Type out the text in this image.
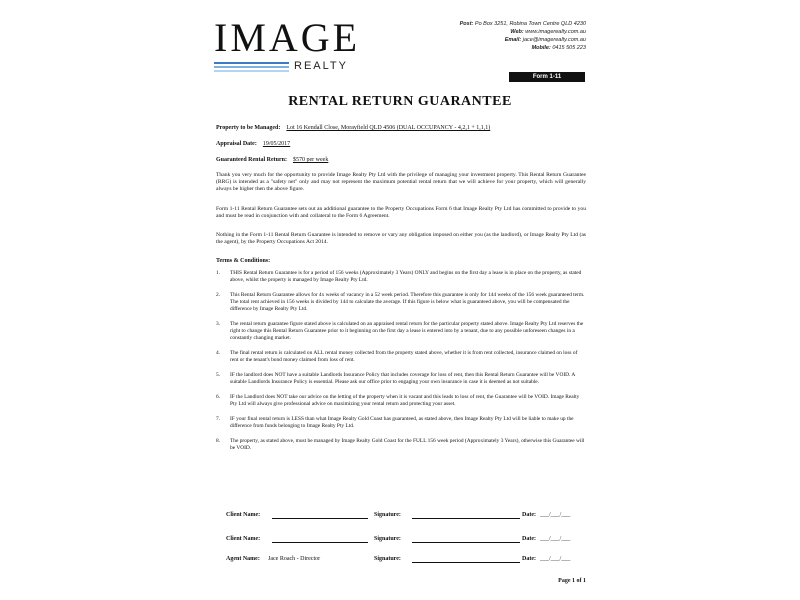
IMAGE
REALTY
Post: Po Box 3251, Robina Town Centre QLD 4230
Web: www.imagerealty.com.au
Email: jace@imagerealty.com.au
Mobile: 0415 505 223
Form 1-11
RENTAL RETURN GUARANTEE
Property to be Managed: Lot 16 Kendall Close, Morayfield QLD 4506 (DUAL OCCUPANCY - 4,2,1 + 1,1,1)
Appraisal Date: 19/05/2017
Guaranteed Rental Return: $570 per week
Thank you very much for the opportunity to provide Image Realty Pty Ltd with the privilege of managing your investment property. This Rental Return Guarantee (RRG) is intended as a "safety net" only and may not represent the maximum potential rental return that we will achieve for your property, which will generally always be higher then the above figure.
Form 1-11 Rental Return Guarantee sets out an additional guarantee to the Property Occupations Form 6 that Image Realty Pty Ltd has committed to provide to you and must be read in conjunction with and collateral to the Form 6 Agreement.
Nothing in the Form 1-11 Rental Return Guarantee is intended to remove or vary any obligation imposed on either you (as the landlord), or Image Realty Pty Ltd (as the agent), by the Property Occupations Act 2014.
Terms & Conditions:
1.	THIS Rental Return Guarantee is for a period of 156 weeks (Approximately 3 Years) ONLY and begins on the first day a lease is in place on the property, as stated above, whilst the property is managed by Image Realty Pty Ltd.
2.	This Rental Return Guarantee allows for 4x weeks of vacancy in a 52 week period. Therefore this guarantee is only for 144 weeks of the 156 week guaranteed term. The total rent achieved in 156 weeks is divided by 144 to calculate the average. If this figure is below what is guaranteed above, you will be compensated the difference by Image Realty Pty Ltd.
3.	The rental return guarantee figure stated above is calculated on an appraised rental return for the particular property stated above. Image Realty Pty Ltd reserves the right to change this Rental Return Guarantee prior to it beginning on the first day a lease is entered into by a tenant, due to any possible unforeseen changes in a constantly changing market.
4.	The final rental return is calculated on ALL rental money collected from the property stated above, whether it is from rent collected, insurance claimed on loss of rent or the tenant's bond money claimed from loss of rent.
5.	IF the landlord does NOT have a suitable Landlords Insurance Policy that includes coverage for loss of rent, then this Rental Return Guarantee will be VOID. A suitable Landlords Insurance Policy is essential. Please ask our office prior to engaging your own insurance in case it is deemed as not suitable.
6.	IF the Landlord does NOT take our advice on the letting of the property when it is vacant and this leads to loss of rent, the Guarantee will be VOID. Image Realty Pty Ltd will always give professional advice on maximizing your rental return and protecting your asset.
7.	IF your final rental return is LESS than what Image Realty Gold Coast has guaranteed, as stated above, then Image Realty Pty Ltd will be liable to make up the difference from funds belonging to Image Realty Pty Ltd.
8.	The property, as stated above, must be managed by Image Realty Gold Coast for the FULL 156 week period (Approximately 3 Years), otherwise this Guarantee will be VOID.
Client Name:	Signature:	Date: ___/___/___
Client Name:	Signature:	Date: ___/___/___
Agent Name: Jace Roach - Director	Signature:	Date: ___/___/___
Page 1 of 1
